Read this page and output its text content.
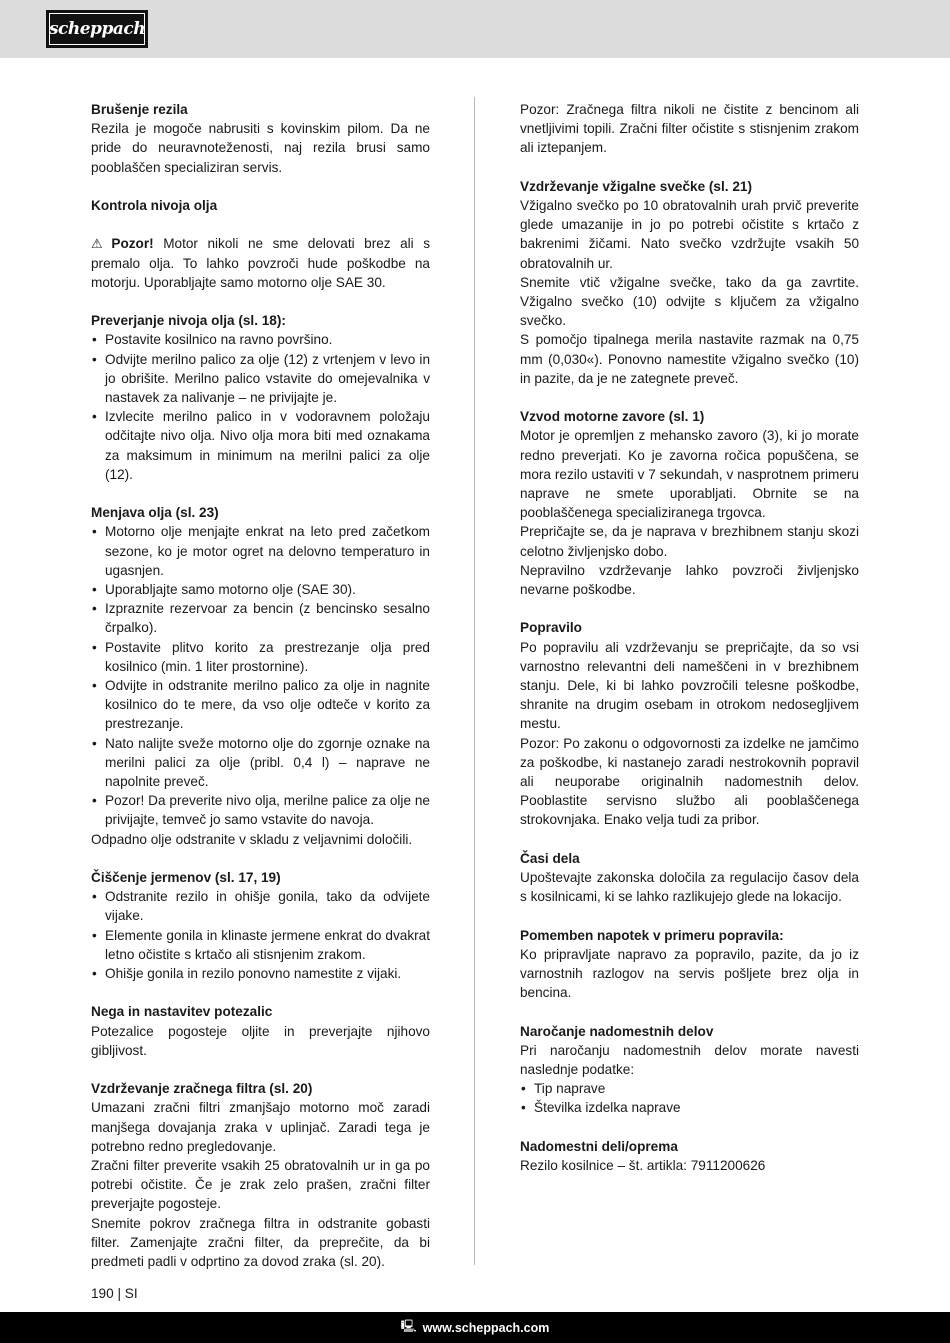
scheppach
Brušenje rezila
Rezila je mogoče nabrusiti s kovinskim pilom. Da ne pride do neuravnoteženosti, naj rezila brusi samo pooblaščen specializiran servis.
Kontrola nivoja olja
⚠ Pozor! Motor nikoli ne sme delovati brez ali s premalo olja. To lahko povzroči hude poškodbe na motorju. Uporabljajte samo motorno olje SAE 30.
Preverjanje nivoja olja (sl. 18):
• Postavite kosilnico na ravno površino.
• Odvijte merilno palico za olje (12) z vrtenjem v levo in jo obrišite. Merilno palico vstavite do omejevalnika v nastavek za nalivanje – ne privijajte je.
• Izvlecite merilno palico in v vodoravnem položaju odčitajte nivo olja. Nivo olja mora biti med oznakama za maksimum in minimum na merilni palici za olje (12).
Menjava olja (sl. 23)
• Motorno olje menjajte enkrat na leto pred začetkom sezone, ko je motor ogret na delovno temperaturo in ugasnjen.
• Uporabljajte samo motorno olje (SAE 30).
• Izpraznite rezervoar za bencin (z bencinsko sesalno črpalko).
• Postavite plitvo korito za prestrezanje olja pred kosilnico (min. 1 liter prostornine).
• Odvijte in odstranite merilno palico za olje in nagnite kosilnico do te mere, da vso olje odteče v korito za prestrezanje.
• Nato nalijte sveže motorno olje do zgornje oznake na merilni palici za olje (pribl. 0,4 l) – naprave ne napolnite preveč.
• Pozor! Da preverite nivo olja, merilne palice za olje ne privijajte, temveč jo samo vstavite do navoja.
Odpadno olje odstranite v skladu z veljavnimi določili.
Čiščenje jermenov (sl. 17, 19)
• Odstranite rezilo in ohišje gonila, tako da odvijete vijake.
• Elemente gonila in klinaste jermene enkrat do dvakrat letno očistite s krtačo ali stisnjenim zrakom.
• Ohišje gonila in rezilo ponovno namestite z vijaki.
Nega in nastavitev potezalic
Potezalice pogosteje oljite in preverjajte njihovo gibljivost.
Vzdrževanje zračnega filtra (sl. 20)
Umazani zračni filtri zmanjšajo motorno moč zaradi manjšega dovajanja zraka v uplinjač. Zaradi tega je potrebno redno pregledovanje.
Zračni filter preverite vsakih 25 obratovalnih ur in ga po potrebi očistite. Če je zrak zelo prašen, zračni filter preverjajte pogosteje.
Snemite pokrov zračnega filtra in odstranite gobasti filter. Zamenjajte zračni filter, da preprečite, da bi predmeti padli v odprtino za dovod zraka (sl. 20).
Pozor: Zračnega filtra nikoli ne čistite z bencinom ali vnetljivimi topili. Zračni filter očistite s stisnjenim zrakom ali iztepanjem.
Vzdrževanje vžigalne svečke (sl. 21)
Vžigalno svečko po 10 obratovalnih urah prvič preverite glede umazanije in jo po potrebi očistite s krtačo z bakrenimi žičami. Nato svečko vzdržujte vsakih 50 obratovalnih ur.
Snemite vtič vžigalne svečke, tako da ga zavrtite. Vžigalno svečko (10) odvijte s ključem za vžigalno svečko.
S pomočjo tipalnega merila nastavite razmak na 0,75 mm (0,030«). Ponovno namestite vžigalno svečko (10) in pazite, da je ne zategnete preveč.
Vzvod motorne zavore (sl. 1)
Motor je opremljen z mehansko zavoro (3), ki jo morate redno preverjati. Ko je zavorna ročica popuščena, se mora rezilo ustaviti v 7 sekundah, v nasprotnem primeru naprave ne smete uporabljati. Obrnite se na pooblaščenega specializiranega trgovca.
Prepričajte se, da je naprava v brezhibnem stanju skozi celotno življenjsko dobo.
Nepravilno vzdrževanje lahko povzroči življenjsko nevarne poškodbe.
Popravilo
Po popravilu ali vzdrževanju se prepričajte, da so vsi varnostno relevantni deli nameščeni in v brezhibnem stanju. Dele, ki bi lahko povzročili telesne poškodbe, shranite na drugim osebam in otrokom nedosegljivem mestu.
Pozor: Po zakonu o odgovornosti za izdelke ne jamčimo za poškodbe, ki nastanejo zaradi nestrokovnih popravil ali neuporabe originalnih nadomestnih delov. Pooblastite servisno službo ali pooblaščenega strokovnjaka. Enako velja tudi za pribor.
Časi dela
Upoštevajte zakonska določila za regulacijo časov dela s kosilnicami, ki se lahko razlikujejo glede na lokacijo.
Pomemben napotek v primeru popravila:
Ko pripravljate napravo za popravilo, pazite, da jo iz varnostnih razlogov na servis pošljete brez olja in bencina.
Naročanje nadomestnih delov
Pri naročanju nadomestnih delov morate navesti naslednje podatke:
• Tip naprave
• Številka izdelka naprave
Nadomestni deli/oprema
Rezilo kosilnice – št. artikla: 7911200626
190 | SI
🖳 www.scheppach.com
